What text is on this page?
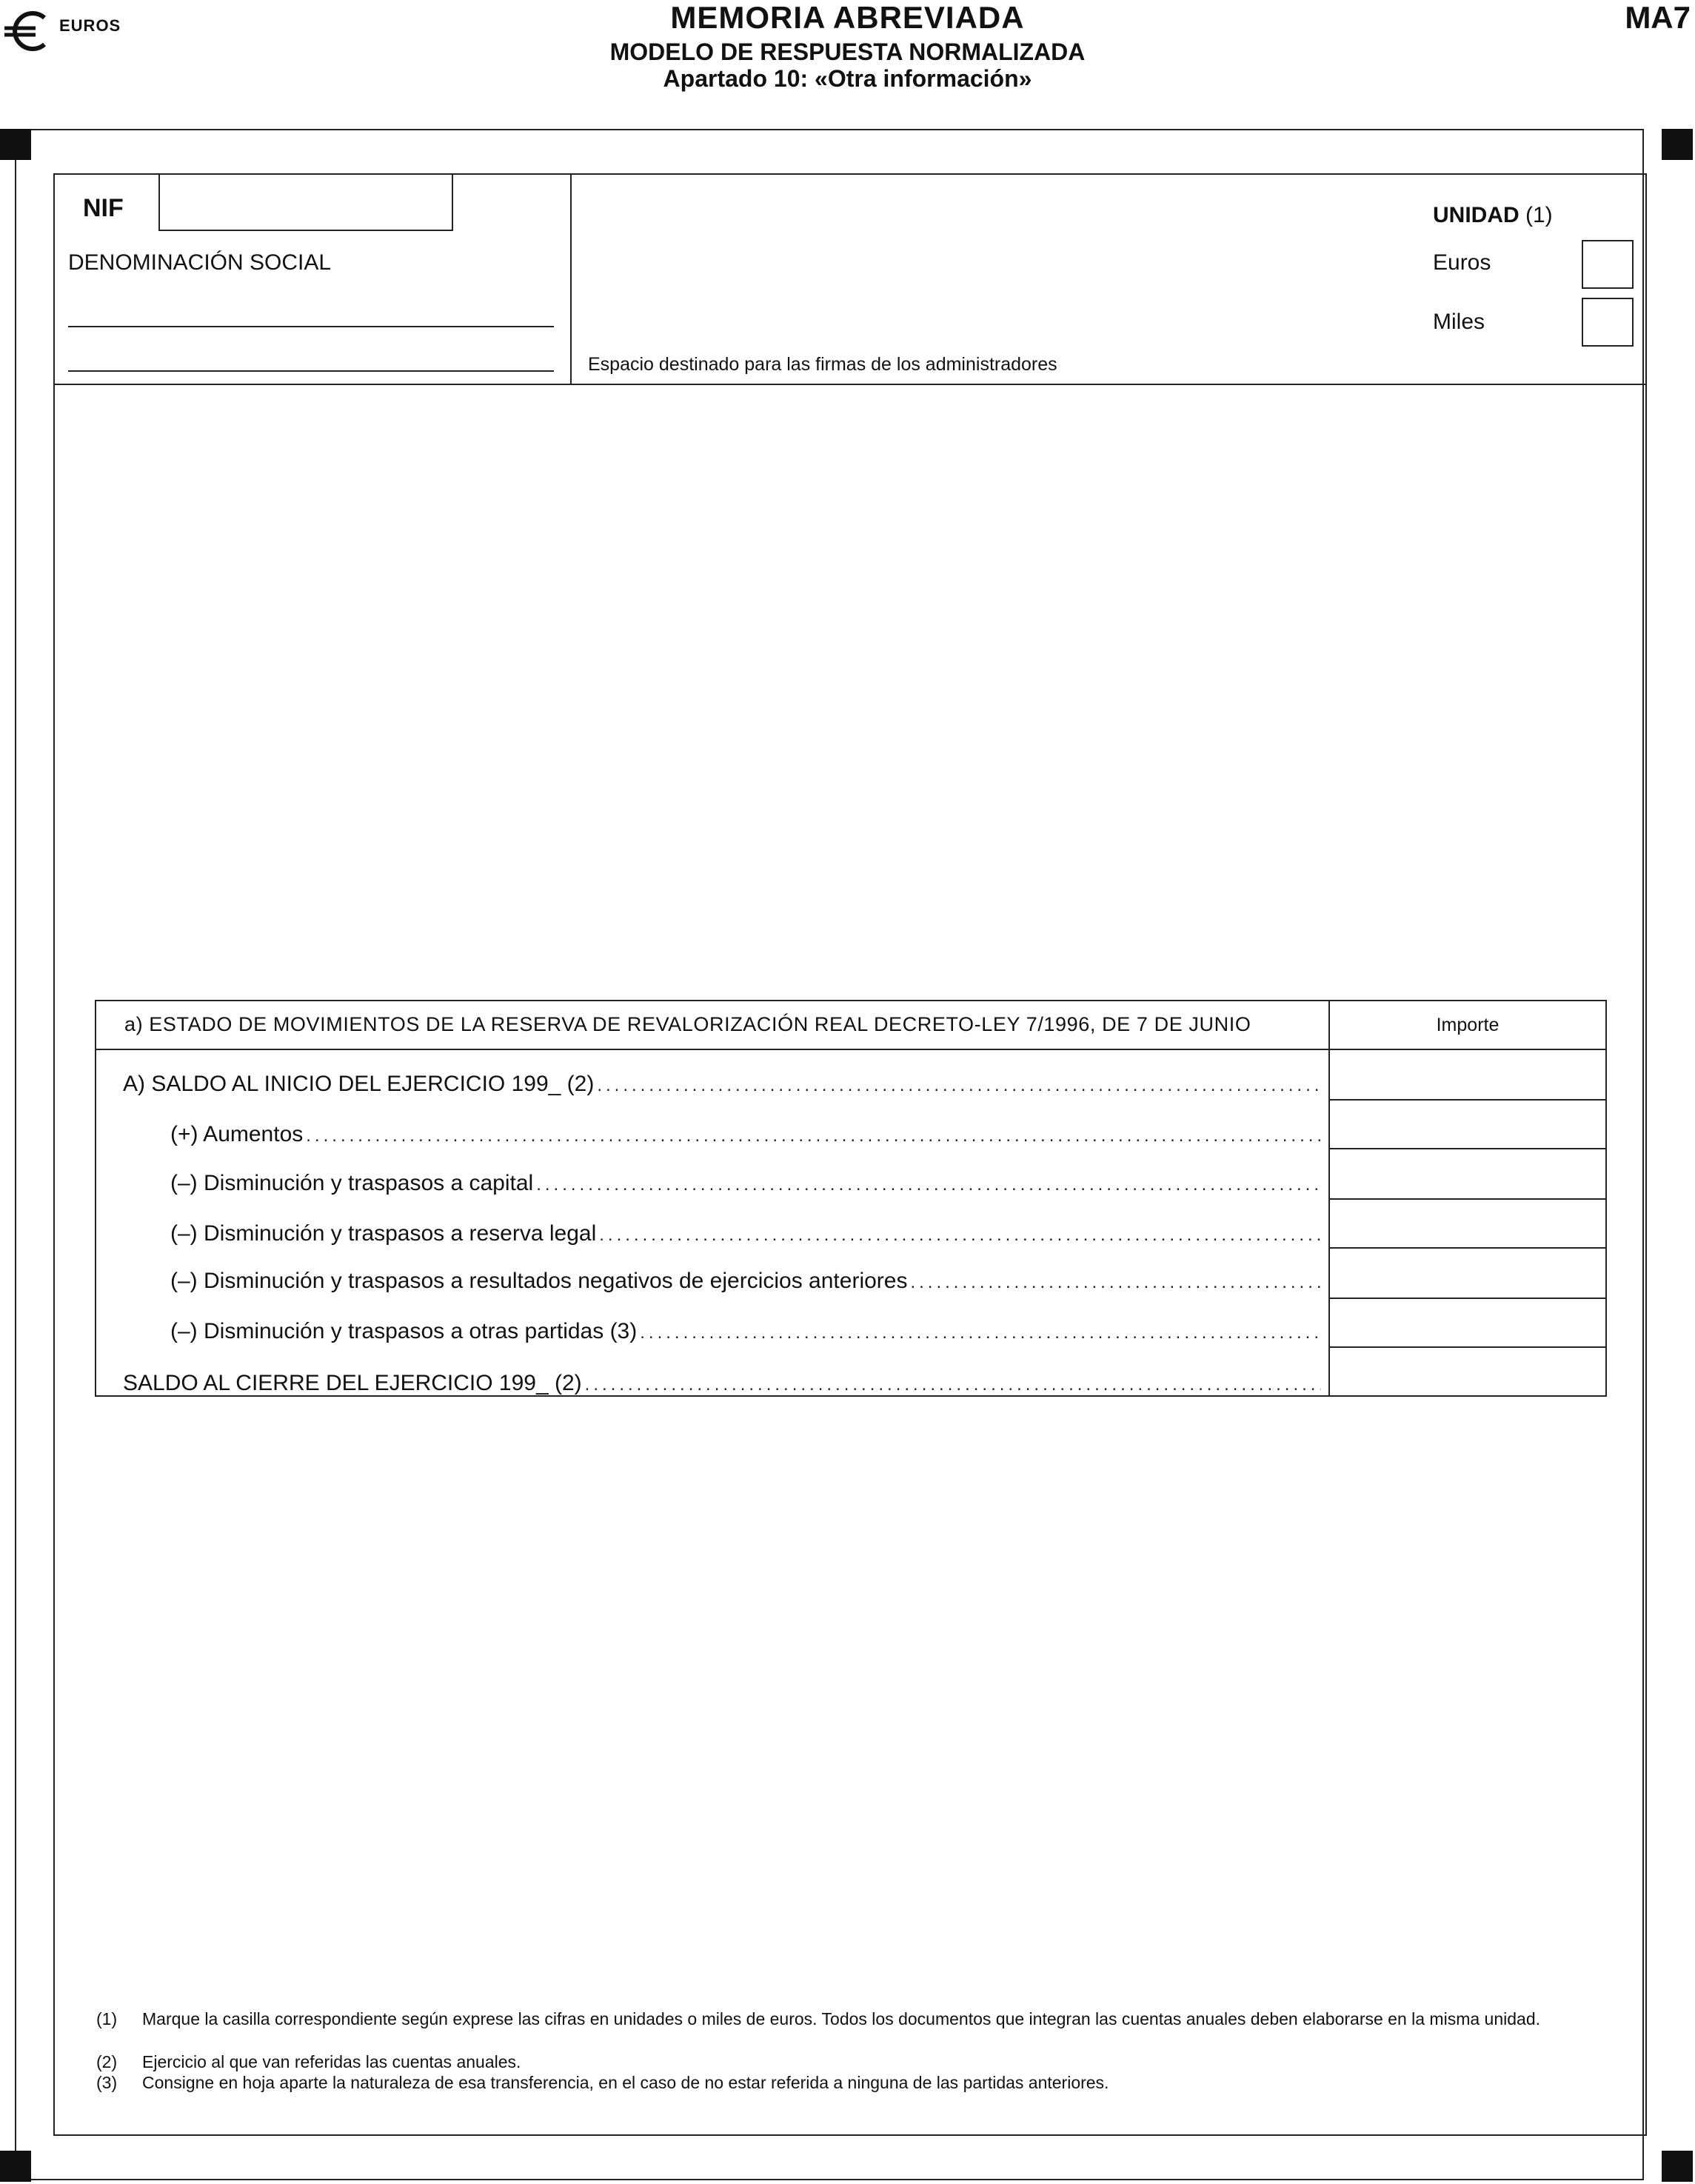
EUROS	MEMORIA ABREVIADA
MODELO DE RESPUESTA NORMALIZADA
Apartado 10: «Otra información»
MA7
NIF
DENOMINACIÓN SOCIAL
Espacio destinado para las firmas de los administradores
UNIDAD (1)
Euros
Miles
a) ESTADO DE MOVIMIENTOS DE LA RESERVA DE REVALORIZACIÓN REAL DECRETO-LEY 7/1996, DE 7 DE JUNIO	Importe
A) SALDO AL INICIO DEL EJERCICIO 199_ (2)
.....
(+) Aumentos
.....
(–) Disminución y traspasos a capital
.....
(–) Disminución y traspasos a reserva legal
.....
(–) Disminución y traspasos a resultados negativos de ejercicios anteriores
.....
(–) Disminución y traspasos a otras partidas (3)
.....
SALDO AL CIERRE DEL EJERCICIO 199_ (2)
.....
(1)	Marque la casilla correspondiente según exprese las cifras en unidades o miles de euros. Todos los documentos que integran las cuentas anuales deben elaborarse en la misma unidad.
(2)	Ejercicio al que van referidas las cuentas anuales.
(3)	Consigne en hoja aparte la naturaleza de esa transferencia, en el caso de no estar referida a ninguna de las partidas anteriores.
